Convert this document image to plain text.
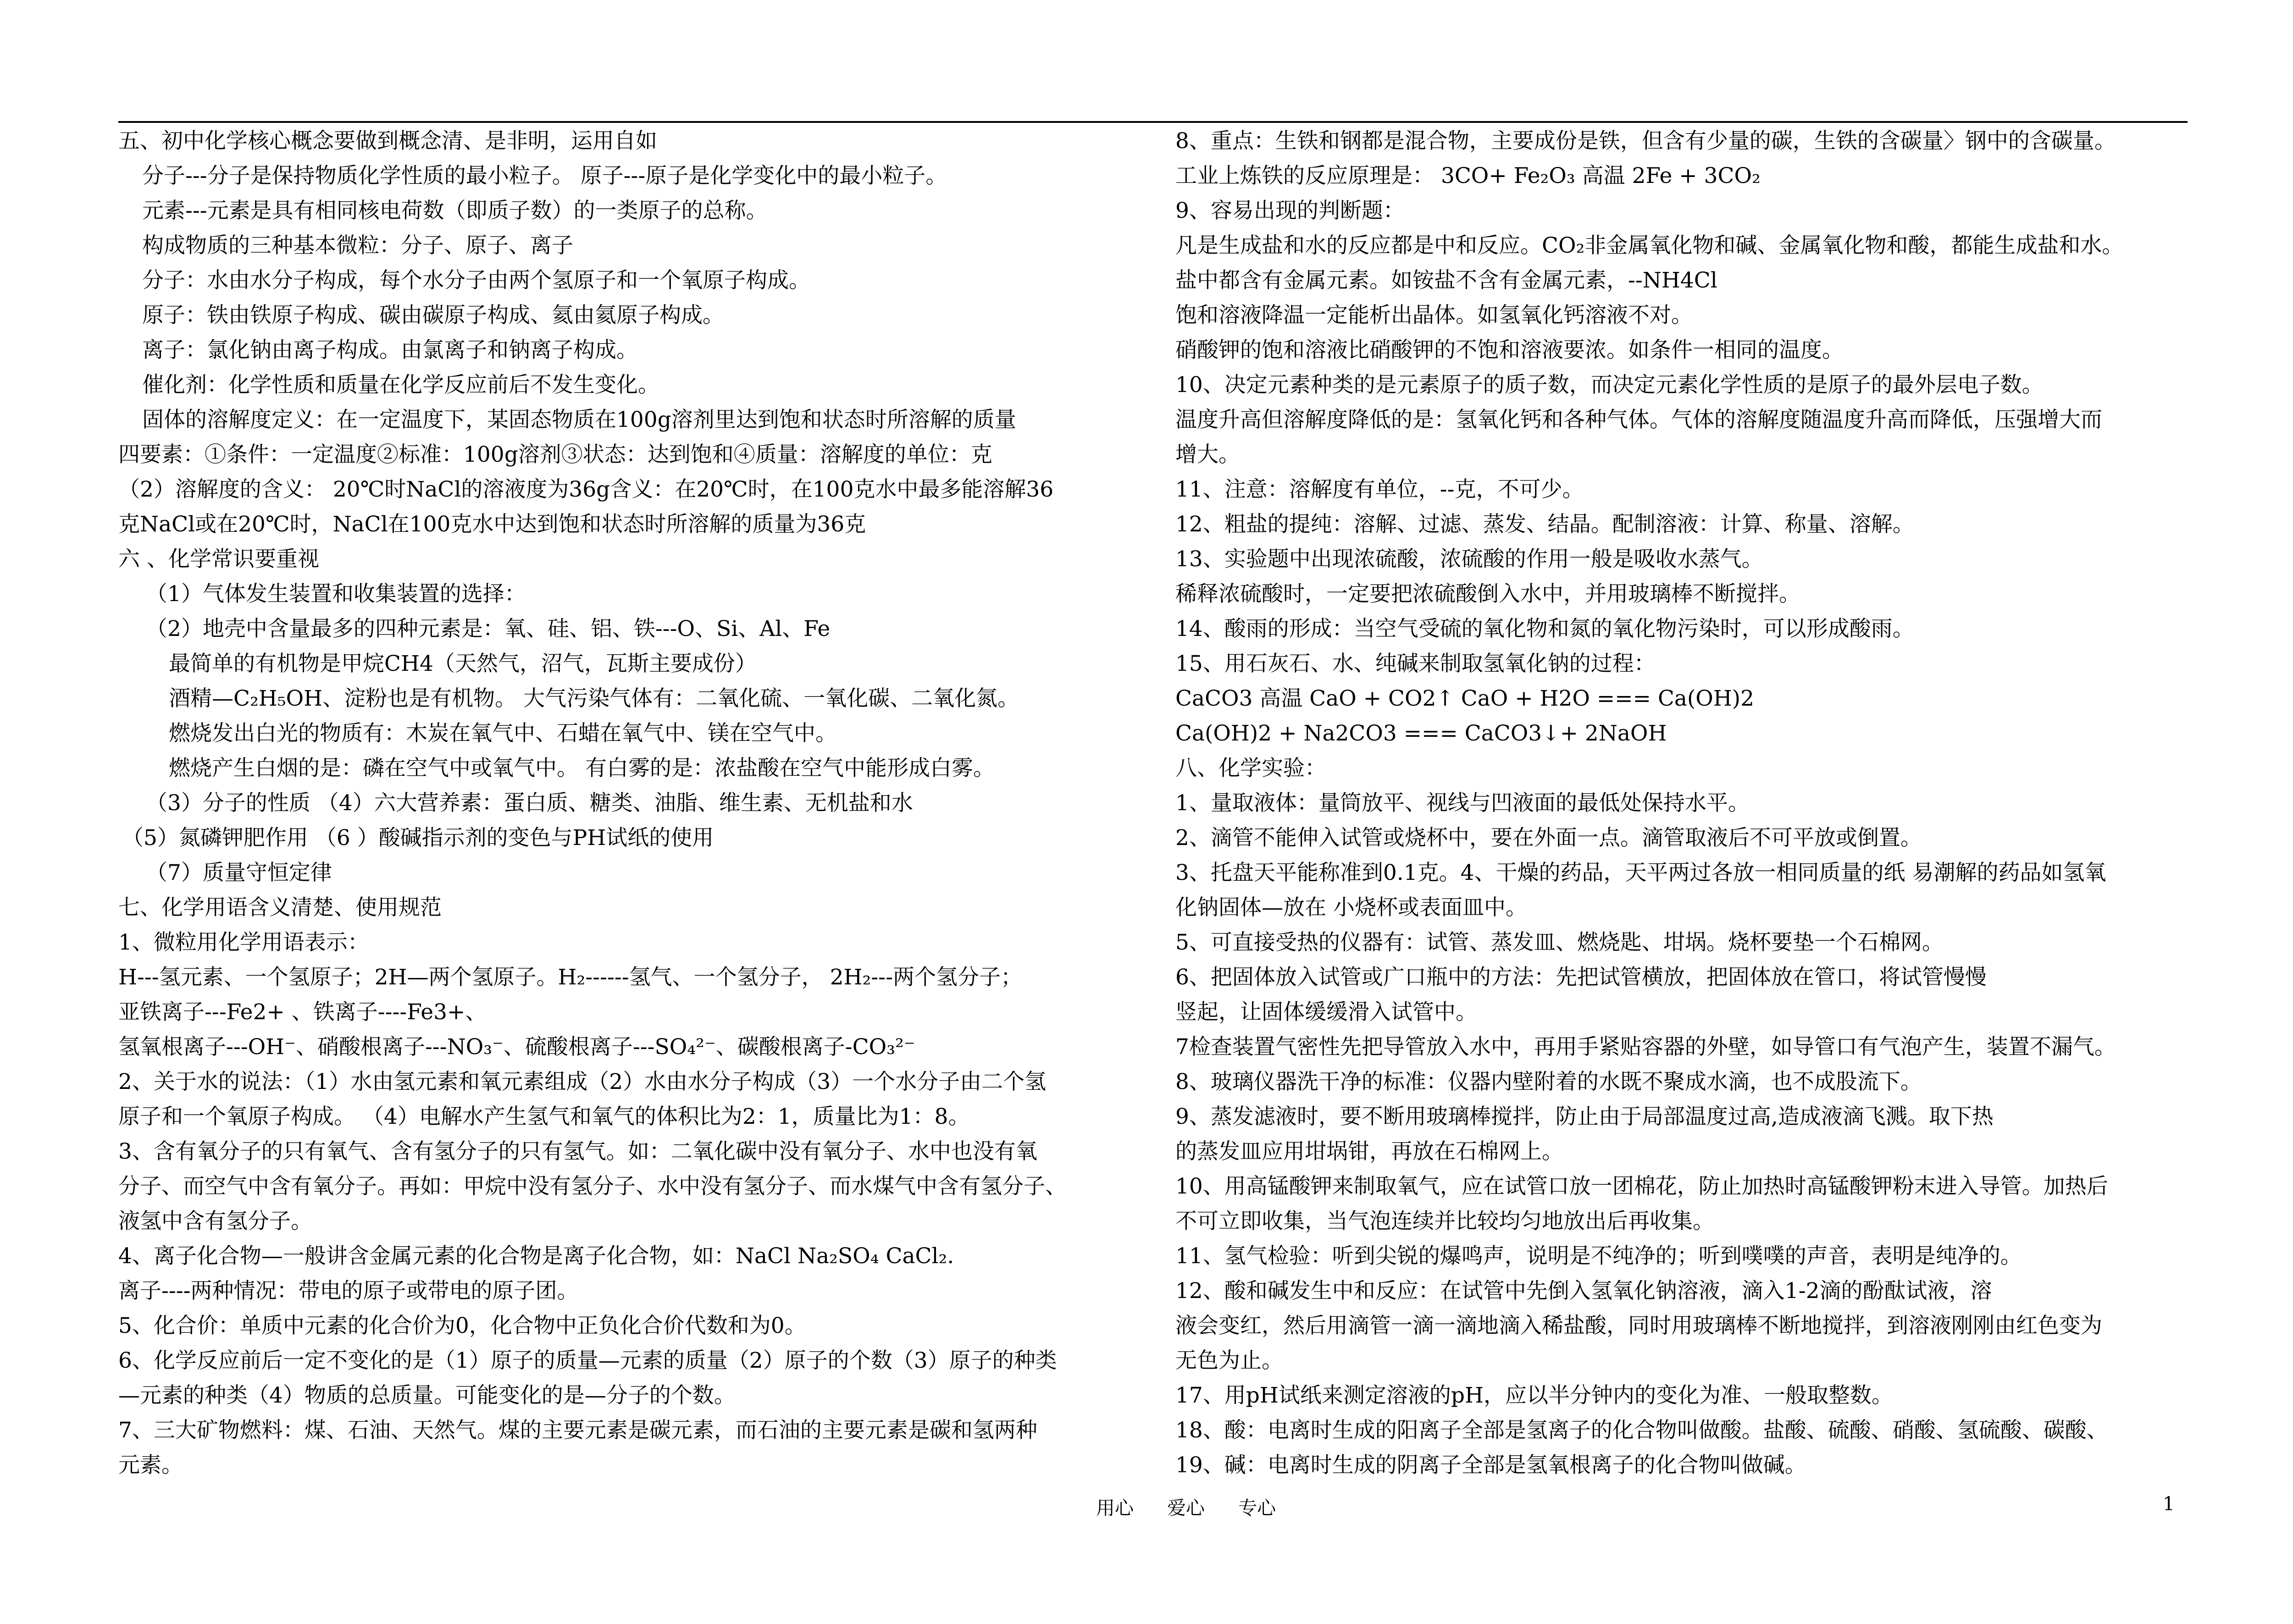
五、初中化学核心概念要做到概念清、是非明，运用自如
分子---分子是保持物质化学性质的最小粒子。 原子---原子是化学变化中的最小粒子。
元素---元素是具有相同核电荷数（即质子数）的一类原子的总称。
构成物质的三种基本微粒：分子、原子、离子
分子：水由水分子构成，每个水分子由两个氢原子和一个氧原子构成。
原子：铁由铁原子构成、碳由碳原子构成、氦由氦原子构成。
离子：氯化钠由离子构成。由氯离子和钠离子构成。
催化剂：化学性质和质量在化学反应前后不发生变化。
固体的溶解度定义：在一定温度下，某固态物质在100g溶剂里达到饱和状态时所溶解的质量
四要素：①条件：一定温度②标准：100g溶剂③状态：达到饱和④质量：溶解度的单位：克
（2）溶解度的含义： 20℃时NaCl的溶液度为36g含义：在20℃时，在100克水中最多能溶解36
克NaCl或在20℃时，NaCl在100克水中达到饱和状态时所溶解的质量为36克
六 、化学常识要重视
（1）气体发生装置和收集装置的选择：
（2）地壳中含量最多的四种元素是：氧、硅、铝、铁---O、Si、Al、Fe
最简单的有机物是甲烷CH4（天然气，沼气，瓦斯主要成份）
酒精—C₂H₅OH、淀粉也是有机物。 大气污染气体有：二氧化硫、一氧化碳、二氧化氮。
燃烧发出白光的物质有：木炭在氧气中、石蜡在氧气中、镁在空气中。
燃烧产生白烟的是：磷在空气中或氧气中。 有白雾的是：浓盐酸在空气中能形成白雾。
（3）分子的性质 （4）六大营养素：蛋白质、糖类、油脂、维生素、无机盐和水
（5）氮磷钾肥作用 （6 ）酸碱指示剂的变色与PH试纸的使用
（7）质量守恒定律
七、化学用语含义清楚、使用规范
1、微粒用化学用语表示：
H---氢元素、一个氢原子；2H—两个氢原子。H₂------氢气、一个氢分子， 2H₂---两个氢分子；
亚铁离子---Fe2+ 、铁离子----Fe3+、
氢氧根离子---OH⁻、硝酸根离子---NO₃⁻、硫酸根离子---SO₄²⁻、碳酸根离子-CO₃²⁻
2、关于水的说法：（1）水由氢元素和氧元素组成（2）水由水分子构成（3）一个水分子由二个氢
原子和一个氧原子构成。 （4）电解水产生氢气和氧气的体积比为2：1，质量比为1：8。
3、含有氧分子的只有氧气、含有氢分子的只有氢气。如：二氧化碳中没有氧分子、水中也没有氧
分子、而空气中含有氧分子。再如：甲烷中没有氢分子、水中没有氢分子、而水煤气中含有氢分子、
液氢中含有氢分子。
4、离子化合物—一般讲含金属元素的化合物是离子化合物，如：NaCl Na₂SO₄ CaCl₂.
离子----两种情况：带电的原子或带电的原子团。
5、化合价：单质中元素的化合价为0，化合物中正负化合价代数和为0。
6、化学反应前后一定不变化的是（1）原子的质量—元素的质量（2）原子的个数（3）原子的种类
—元素的种类（4）物质的总质量。可能变化的是—分子的个数。
7、三大矿物燃料：煤、石油、天然气。煤的主要元素是碳元素，而石油的主要元素是碳和氢两种
元素。
8、重点：生铁和钢都是混合物，主要成份是铁，但含有少量的碳，生铁的含碳量〉钢中的含碳量。
工业上炼铁的反应原理是： 3CO+ Fe₂O₃ 高温 2Fe + 3CO₂
9、容易出现的判断题：
凡是生成盐和水的反应都是中和反应。CO₂非金属氧化物和碱、金属氧化物和酸，都能生成盐和水。
盐中都含有金属元素。如铵盐不含有金属元素，--NH4Cl
饱和溶液降温一定能析出晶体。如氢氧化钙溶液不对。
硝酸钾的饱和溶液比硝酸钾的不饱和溶液要浓。如条件一相同的温度。
10、决定元素种类的是元素原子的质子数，而决定元素化学性质的是原子的最外层电子数。
温度升高但溶解度降低的是：氢氧化钙和各种气体。气体的溶解度随温度升高而降低，压强增大而
增大。
11、注意：溶解度有单位，--克，不可少。
12、粗盐的提纯：溶解、过滤、蒸发、结晶。配制溶液：计算、称量、溶解。
13、实验题中出现浓硫酸，浓硫酸的作用一般是吸收水蒸气。
稀释浓硫酸时，一定要把浓硫酸倒入水中，并用玻璃棒不断搅拌。
14、酸雨的形成：当空气受硫的氧化物和氮的氧化物污染时，可以形成酸雨。
15、用石灰石、水、纯碱来制取氢氧化钠的过程：
CaCO3 高温 CaO + CO2↑ CaO + H2O === Ca(OH)2
Ca(OH)2 + Na2CO3 === CaCO3↓+ 2NaOH
八、化学实验：
1、量取液体：量筒放平、视线与凹液面的最低处保持水平。
2、滴管不能伸入试管或烧杯中，要在外面一点。滴管取液后不可平放或倒置。
3、托盘天平能称准到0.1克。4、干燥的药品，天平两过各放一相同质量的纸 易潮解的药品如氢氧
化钠固体—放在 小烧杯或表面皿中。
5、可直接受热的仪器有：试管、蒸发皿、燃烧匙、坩埚。烧杯要垫一个石棉网。
6、把固体放入试管或广口瓶中的方法：先把试管横放，把固体放在管口，将试管慢慢
竖起，让固体缓缓滑入试管中。
7检查装置气密性先把导管放入水中，再用手紧贴容器的外壁，如导管口有气泡产生，装置不漏气。
8、玻璃仪器洗干净的标准：仪器内壁附着的水既不聚成水滴，也不成股流下。
9、蒸发滤液时，要不断用玻璃棒搅拌，防止由于局部温度过高,造成液滴飞溅。取下热
的蒸发皿应用坩埚钳，再放在石棉网上。
10、用高锰酸钾来制取氧气，应在试管口放一团棉花，防止加热时高锰酸钾粉末进入导管。加热后
不可立即收集，当气泡连续并比较均匀地放出后再收集。
11、氢气检验：听到尖锐的爆鸣声，说明是不纯净的；听到噗噗的声音，表明是纯净的。
12、酸和碱发生中和反应：在试管中先倒入氢氧化钠溶液，滴入1-2滴的酚酞试液，溶
液会变红，然后用滴管一滴一滴地滴入稀盐酸，同时用玻璃棒不断地搅拌，到溶液刚刚由红色变为
无色为止。
17、用pH试纸来测定溶液的pH，应以半分钟内的变化为准、一般取整数。
18、酸：电离时生成的阳离子全部是氢离子的化合物叫做酸。盐酸、硫酸、硝酸、氢硫酸、碳酸、
19、碱：电离时生成的阴离子全部是氢氧根离子的化合物叫做碱。
用心 爱心 专心	1
